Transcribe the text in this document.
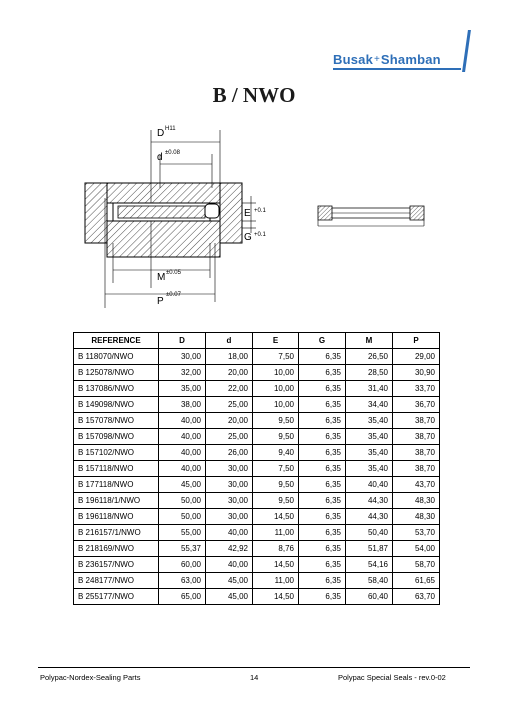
Busak + Shamban
B / NWO
D H11
d ±0.08
E +0.1
G +0.1
M ±0.05
P
±0.07
REFERENCE	D	d	E	G	M	P
B 118070/NWO	30,00	18,00	7,50	6,35	26,50	29,00
B 125078/NWO	32,00	20,00	10,00	6,35	28,50	30,90
B 137086/NWO	35,00	22,00	10,00	6,35	31,40	33,70
B 149098/NWO	38,00	25,00	10,00	6,35	34,40	36,70
B 157078/NWO	40,00	20,00	9,50	6,35	35,40	38,70
B 157098/NWO	40,00	25,00	9,50	6,35	35,40	38,70
B 157102/NWO	40,00	26,00	9,40	6,35	35,40	38,70
B 157118/NWO	40,00	30,00	7,50	6,35	35,40	38,70
B 177118/NWO	45,00	30,00	9,50	6,35	40,40	43,70
B 196118/1/NWO	50,00	30,00	9,50	6,35	44,30	48,30
B 196118/NWO	50,00	30,00	14,50	6,35	44,30	48,30
B 216157/1/NWO	55,00	40,00	11,00	6,35	50,40	53,70
B 218169/NWO	55,37	42,92	8,76	6,35	51,87	54,00
B 236157/NWO	60,00	40,00	14,50	6,35	54,16	58,70
B 248177/NWO	63,00	45,00	11,00	6,35	58,40	61,65
B 255177/NWO	65,00	45,00	14,50	6,35	60,40	63,70
Polypac-Nordex-Sealing Parts	14	Polypac Special Seals - rev.0-02
